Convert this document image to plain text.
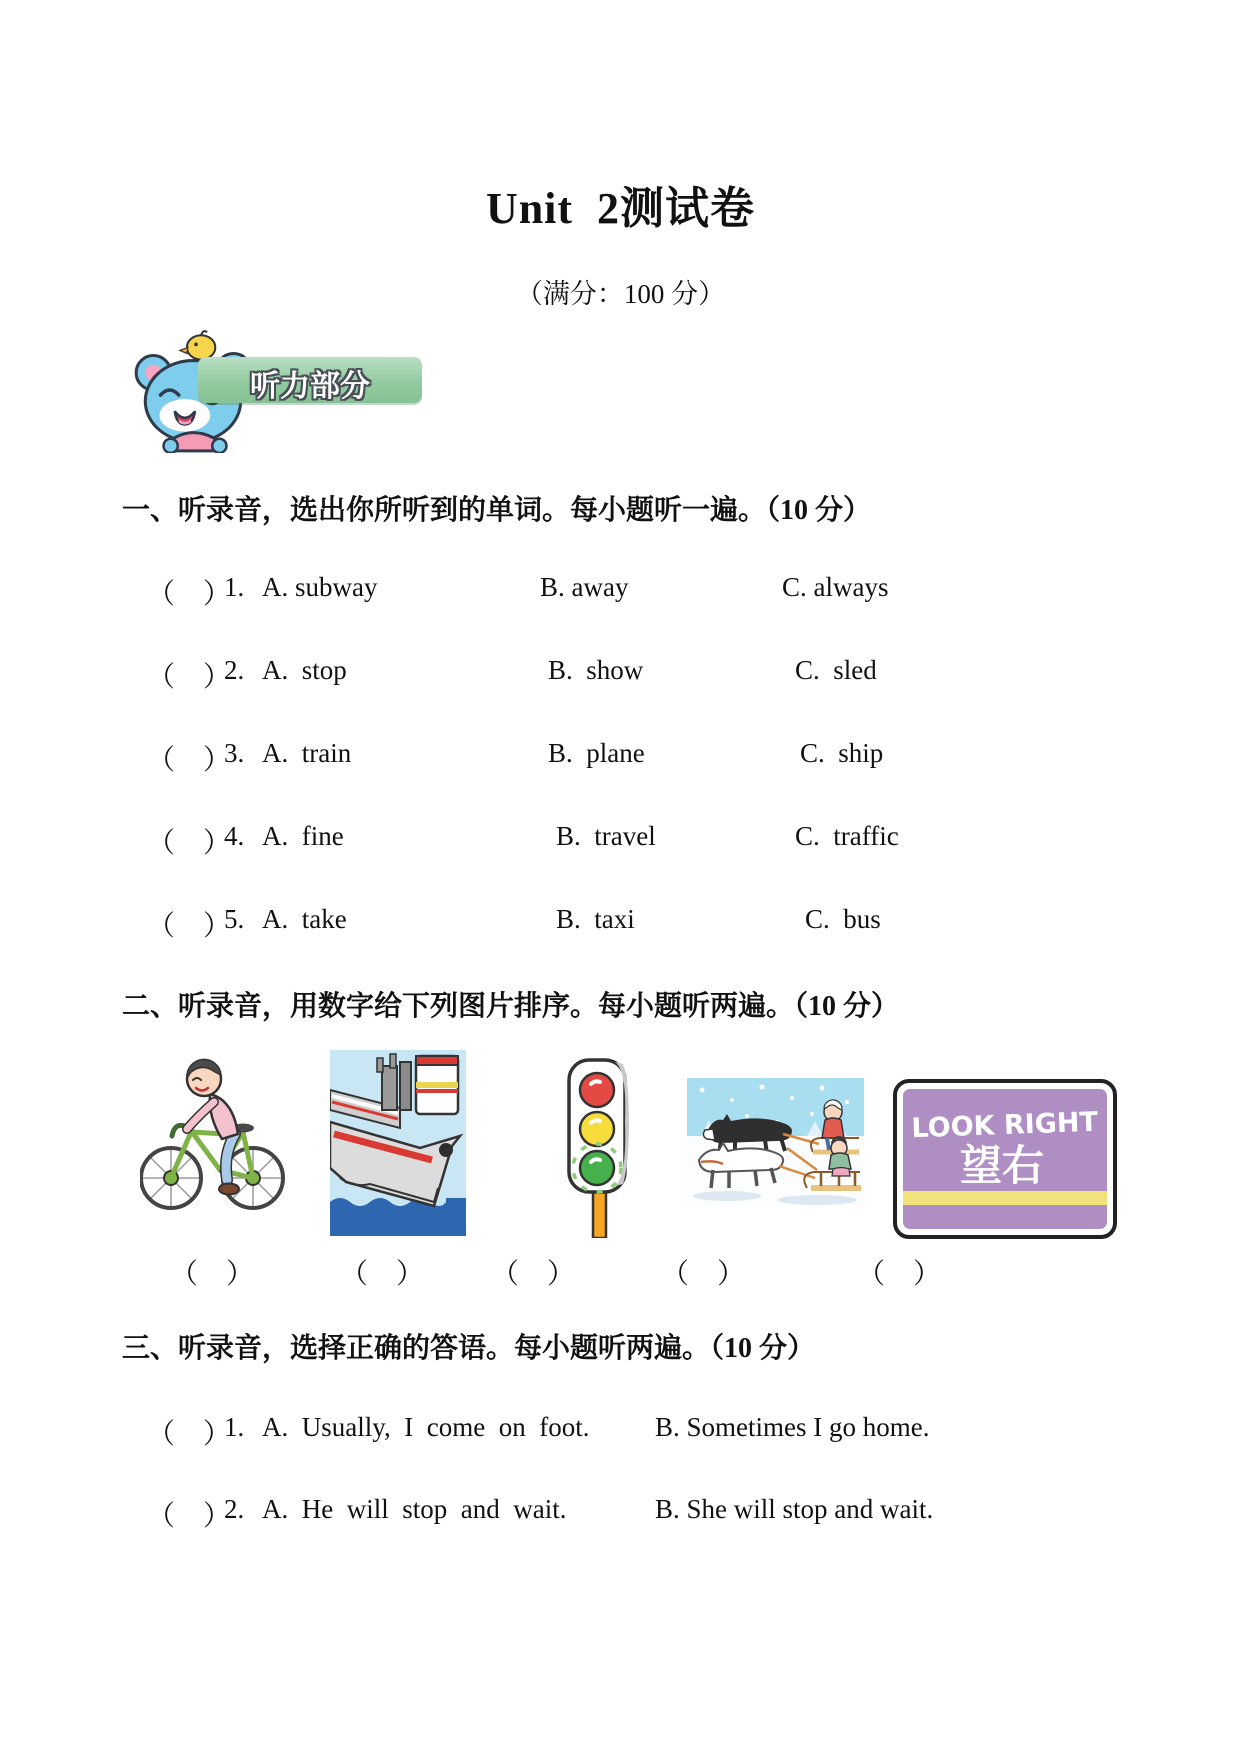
Unit  2测试卷
（满分：100 分）
听力部分
一、听录音，选出你所听到的单词。每小题听一遍。（10 分）
（　）
1. A. subway	B. away	C. always
（　）
2. A.  stop	B.  show	C.  sled
（　）
3. A.  train	B.  plane	C.  ship
（　）
4. A.  fine	B.  travel	C.  traffic
（　）
5. A.  take	B.  taxi	C.  bus
二、听录音，用数字给下列图片排序。每小题听两遍。（10 分）
LOOK RIGHT
望右
（　）	（　） （　）	（　）	（　）
三、听录音，选择正确的答语。每小题听两遍。（10 分）
（　）
1. A.  Usually,  I  come  on  foot. B. Sometimes I go home.
（　）
2. A.  He  will  stop  and  wait.	B. She will stop and wait.
